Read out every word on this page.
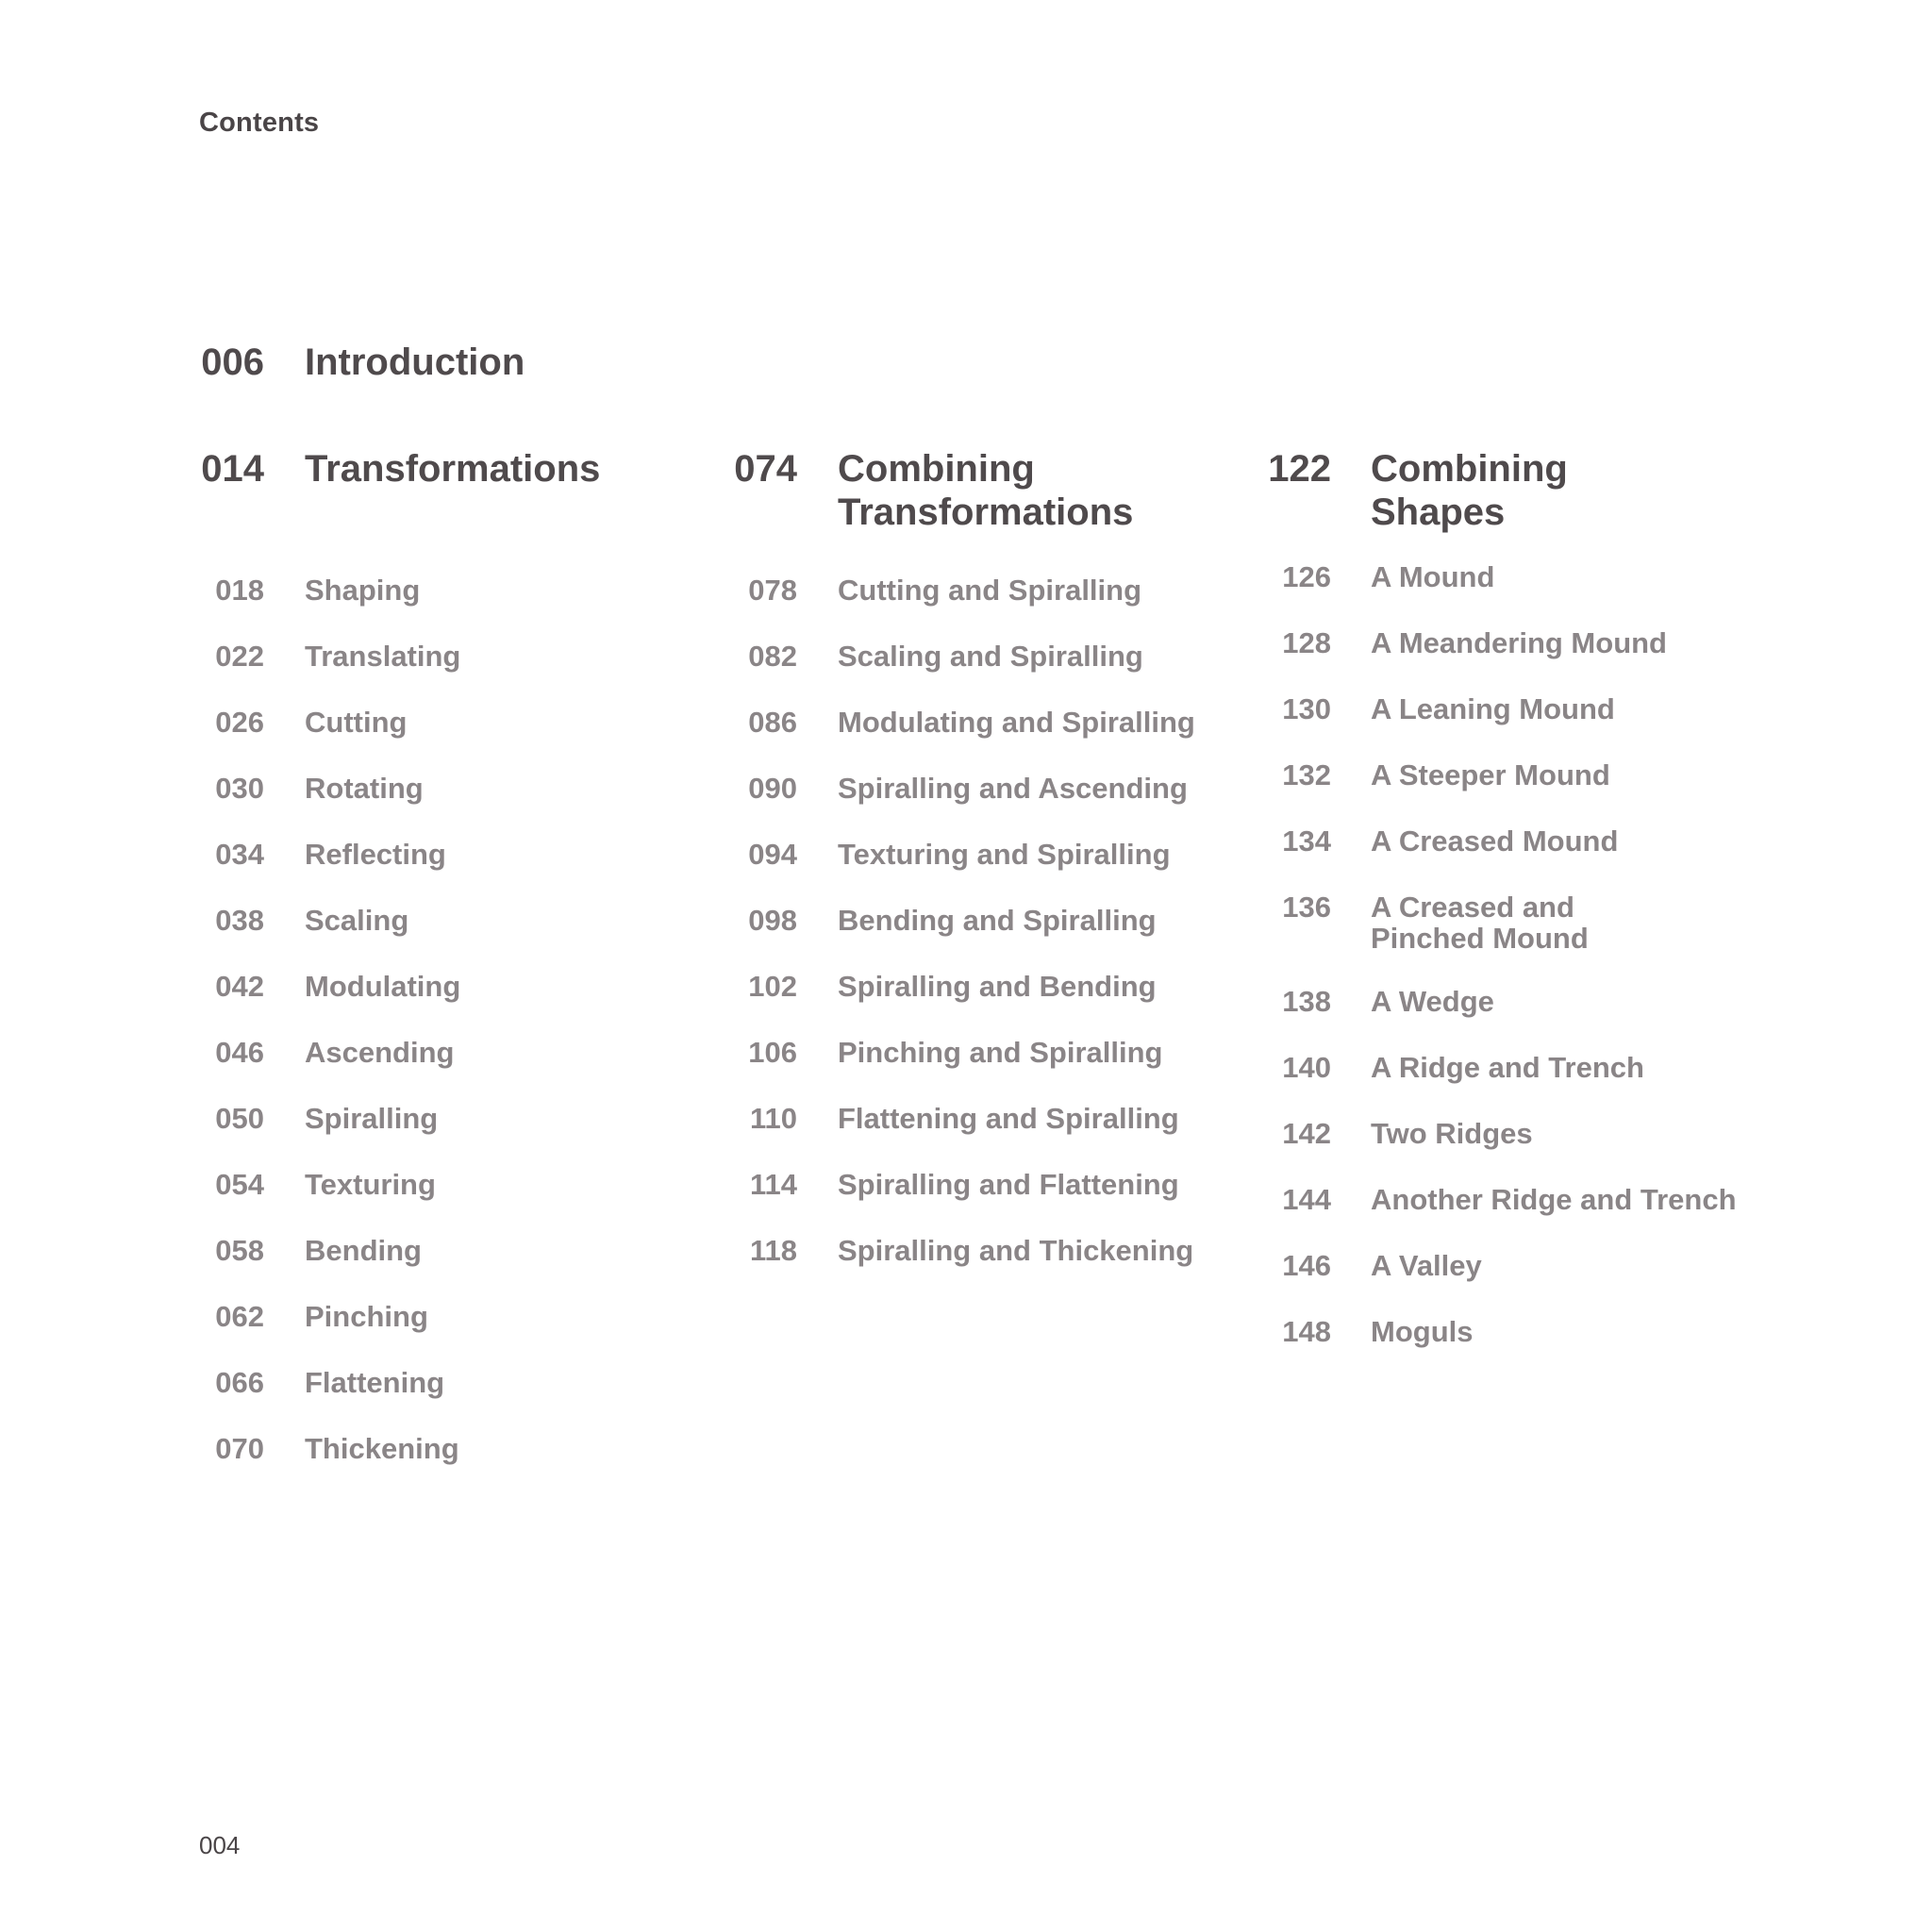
Contents
006 Introduction
014 Transformations	074 Combining
Transformations
122 Combining
Shapes
018 Shaping
022 Translating
026 Cutting
030 Rotating
034 Reflecting
038 Scaling
042 Modulating
046 Ascending
050 Spiralling
054 Texturing
058 Bending
062 Pinching
066 Flattening
070 Thickening
078 Cutting and Spiralling
082 Scaling and Spiralling
086 Modulating and Spiralling
090 Spiralling and Ascending
094 Texturing and Spiralling
098 Bending and Spiralling
102 Spiralling and Bending
106 Pinching and Spiralling
110 Flattening and Spiralling
114 Spiralling and Flattening
118 Spiralling and Thickening
126 A Mound
128 A Meandering Mound
130 A Leaning Mound
132 A Steeper Mound
134 A Creased Mound
136 A Creased and
Pinched Mound
138 A Wedge
140 A Ridge and Trench
142 Two Ridges
144 Another Ridge and Trench
146 A Valley
148 Moguls
004
